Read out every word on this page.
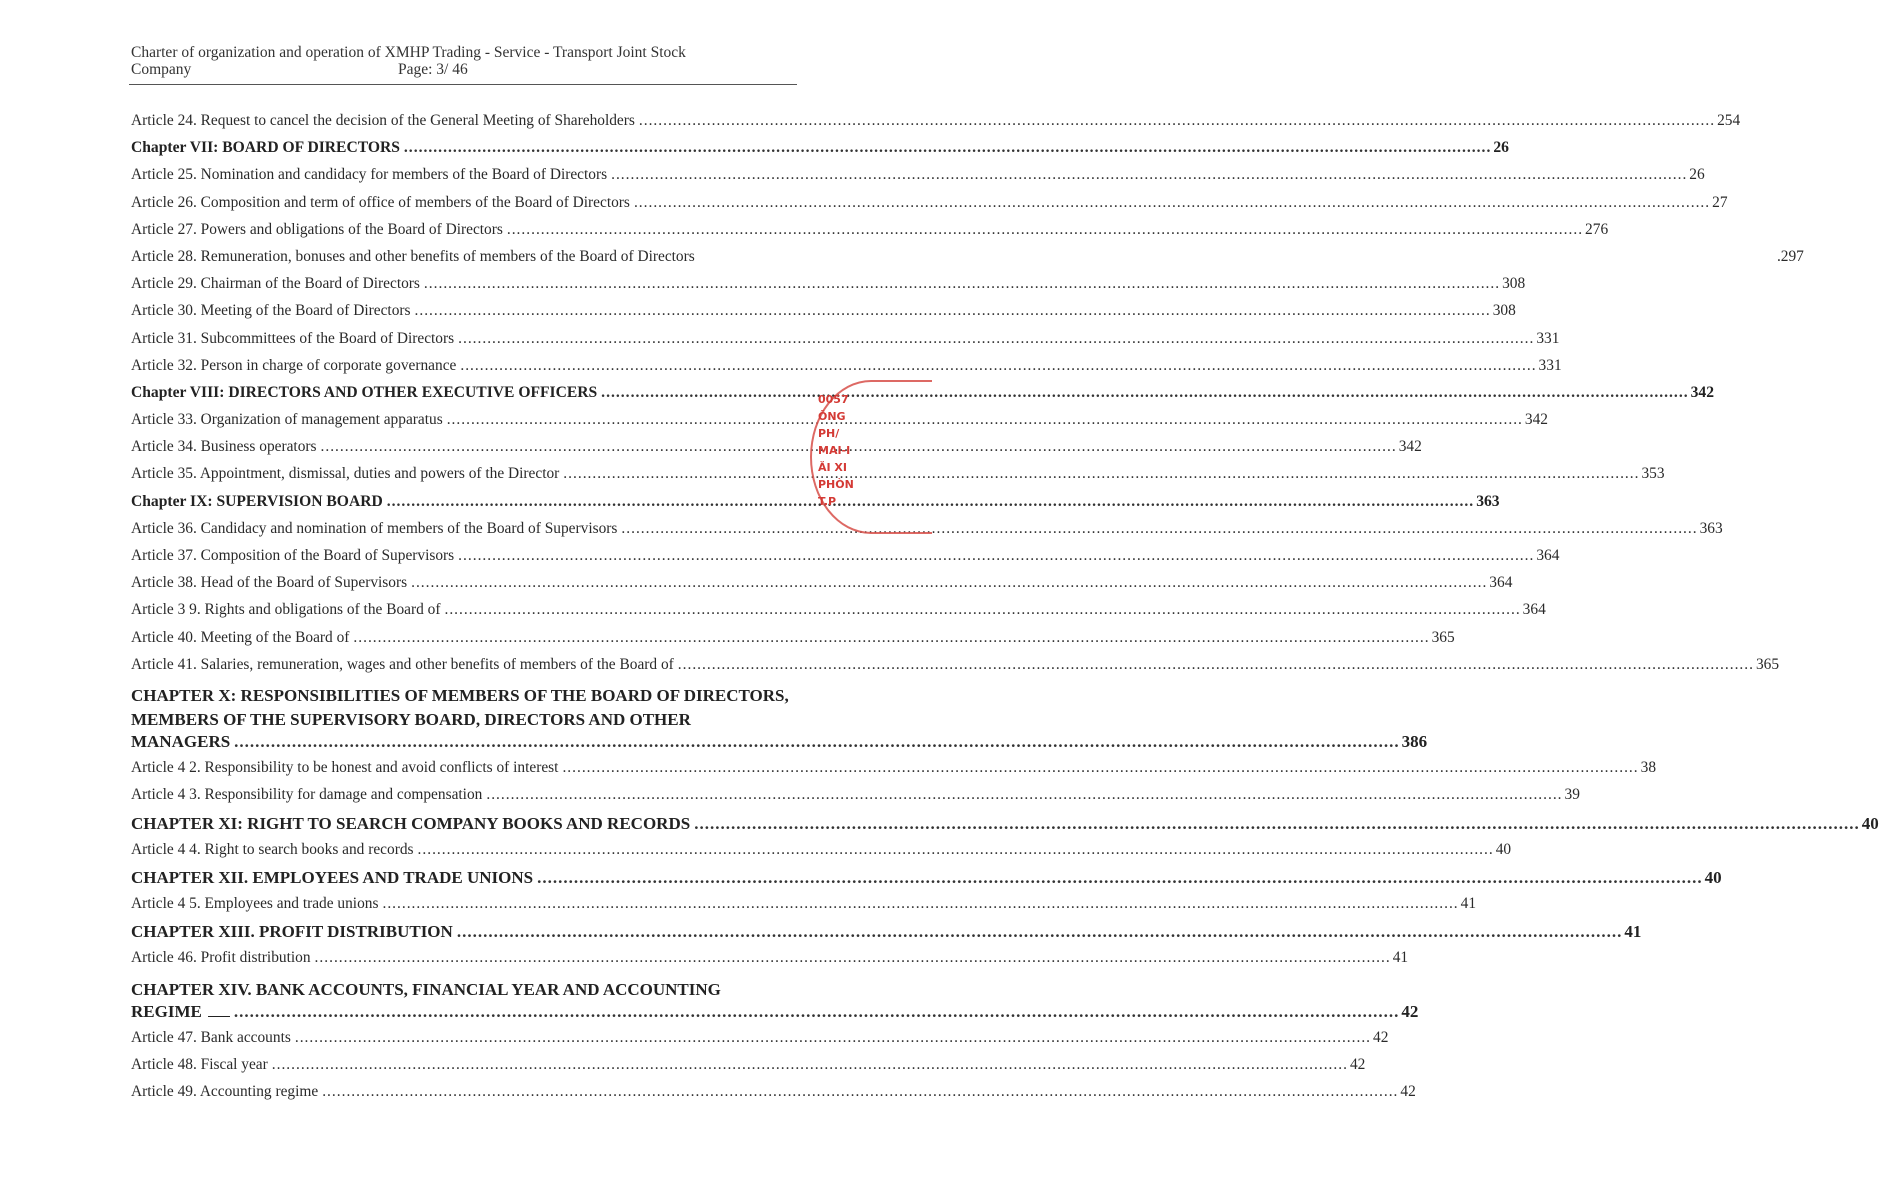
Charter of organization and operation of XMHP Trading - Service - Transport Joint Stock
Company	Page: 3/ 46
Article 24. Request to cancel the decision of the General Meeting of Shareholders .....	254
Chapter VII: BOARD OF DIRECTORS .....	26
Article 25. Nomination and candidacy for members of the Board of Directors .....	26
Article 26. Composition and term of office of members of the Board of Directors .....	27
Article 27. Powers and obligations of the Board of Directors .....	276
Article 28. Remuneration, bonuses and other benefits of members of the Board of Directors	.297
Article 29. Chairman of the Board of Directors .....	308
Article 30. Meeting of the Board of Directors .....	308
Article 31. Subcommittees of the Board of Directors .....	331
Article 32. Person in charge of corporate governance .....	331
Chapter VIII: DIRECTORS AND OTHER EXECUTIVE OFFICERS .....	342
Article 33. Organization of management apparatus .....	342
Article 34. Business operators .....	342
Article 35. Appointment, dismissal, duties and powers of the Director .....	353
Chapter IX: SUPERVISION BOARD .....	363
Article 36. Candidacy and nomination of members of the Board of Supervisors .....	363
Article 37. Composition of the Board of Supervisors .....	364
Article 38. Head of the Board of Supervisors .....	364
Article 3 9. Rights and obligations of the Board of .....	364
Article 40. Meeting of the Board of .....	365
Article 41. Salaries, remuneration, wages and other benefits of members of the Board of .....	365
CHAPTER X: RESPONSIBILITIES OF MEMBERS OF THE BOARD OF DIRECTORS,
MEMBERS OF THE SUPERVISORY BOARD, DIRECTORS AND OTHER
MANAGERS .....	386
Article 4 2. Responsibility to be honest and avoid conflicts of interest .....	38
Article 4 3. Responsibility for damage and compensation .....	39
CHAPTER XI: RIGHT TO SEARCH COMPANY BOOKS AND RECORDS .....	40
Article 4 4. Right to search books and records .....	40
CHAPTER XII. EMPLOYEES AND TRADE UNIONS .....	40
Article 4 5. Employees and trade unions .....	41
CHAPTER XIII. PROFIT DISTRIBUTION .....	41
Article 46. Profit distribution .....	41
CHAPTER XIV. BANK ACCOUNTS, FINANCIAL YEAR AND ACCOUNTING
REGIME .....	42
Article 47. Bank accounts .....	42
Article 48. Fiscal year .....	42
Article 49. Accounting regime .....	42
0057
ÔNG
PH/
MAI-I
ĂI XI
PHÒN
T.P
